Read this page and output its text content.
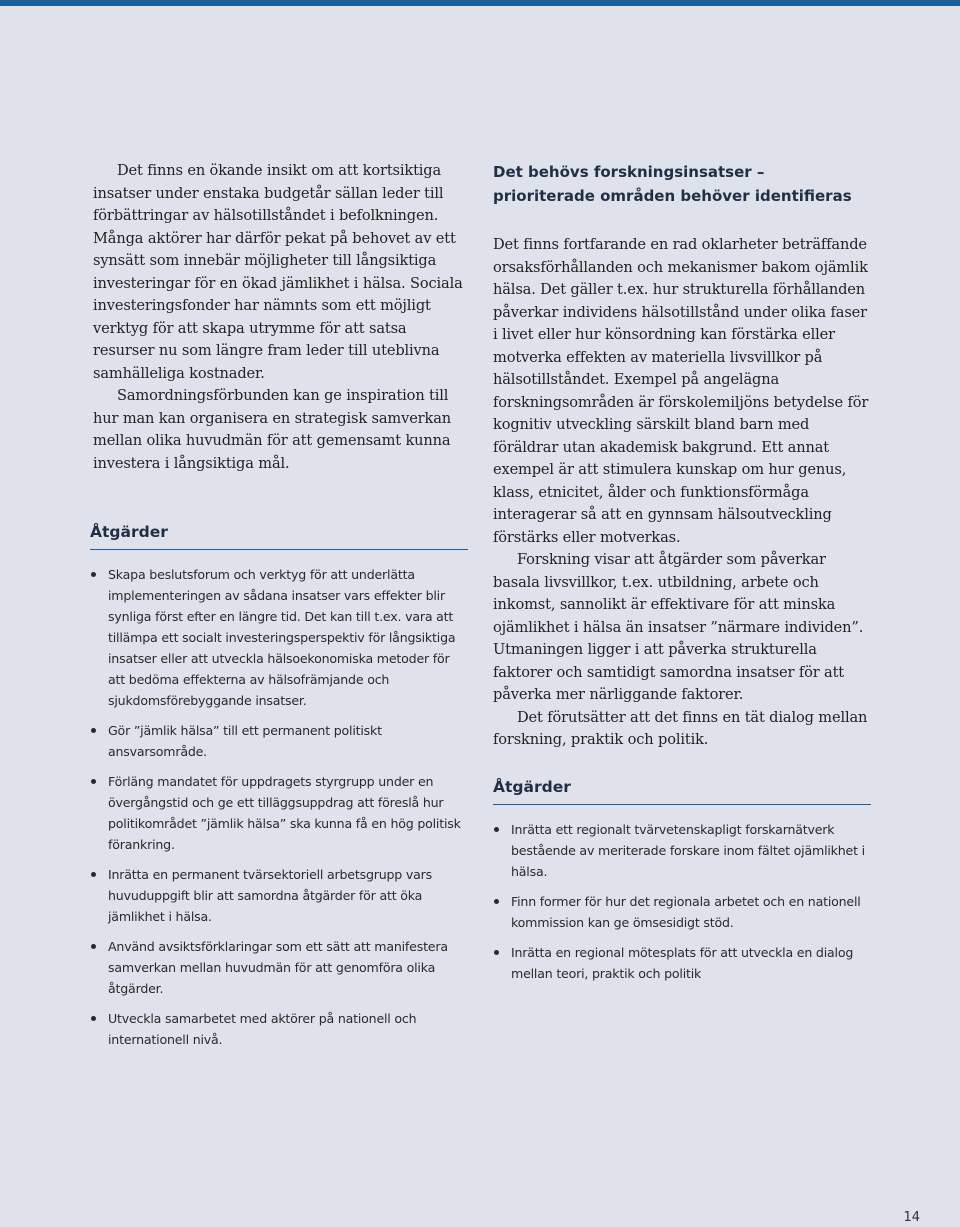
Det finns en ökande insikt om att kortsiktiga insatser under enstaka budgetår sällan leder till förbättringar av hälsotillståndet i befolkningen. Många aktörer har därför pekat på behovet av ett synsätt som innebär möjligheter till långsiktiga investeringar för en ökad jämlikhet i hälsa. Sociala investeringsfonder har nämnts som ett möjligt verktyg för att skapa utrymme för att satsa resurser nu som längre fram leder till uteblivna samhälleliga kostnader.

Samordningsförbunden kan ge inspiration till hur man kan organisera en strategisk samverkan mellan olika huvudmän för att gemensamt kunna investera i långsiktiga mål.

Åtgärder
Skapa beslutsforum och verktyg för att underlätta implementeringen av sådana insatser vars effekter blir synliga först efter en längre tid. Det kan till t.ex. vara att tillämpa ett socialt investeringsperspektiv för långsiktiga insatser eller att utveckla hälsoekonomiska metoder för att bedöma effekterna av hälsofrämjande och sjukdomsförebyggande insatser.
Gör ”jämlik hälsa” till ett permanent politiskt ansvarsområde.
Förläng mandatet för uppdragets styrgrupp under en övergångstid och ge ett tilläggsuppdrag att föreslå hur politikområdet ”jämlik hälsa” ska kunna få en hög politisk förankring.
Inrätta en permanent tvärsektoriell arbetsgrupp vars huvuduppgift blir att samordna åtgärder för att öka jämlikhet i hälsa.
Använd avsiktsförklaringar som ett sätt att manifestera samverkan mellan huvudmän för att genomföra olika åtgärder.
Utveckla samarbetet med aktörer på nationell och internationell nivå.
Det behövs forskningsinsatser –
prioriterade områden behöver identifieras

Det finns fortfarande en rad oklarheter beträffande orsaksförhållanden och mekanismer bakom ojämlik hälsa. Det gäller t.ex. hur strukturella förhållanden påverkar individens hälsotillstånd under olika faser i livet eller hur könsordning kan förstärka eller motverka effekten av materiella livsvillkor på hälsotillståndet. Exempel på angelägna forskningsområden är förskolemiljöns betydelse för kognitiv utveckling särskilt bland barn med föräldrar utan akademisk bakgrund. Ett annat exempel är att stimulera kunskap om hur genus, klass, etnicitet, ålder och funktionsförmåga interagerar så att en gynnsam hälsoutveckling förstärks eller motverkas.

Forskning visar att åtgärder som påverkar basala livsvillkor, t.ex. utbildning, arbete och inkomst, sannolikt är effektivare för att minska ojämlikhet i hälsa än insatser ”närmare individen”. Utmaningen ligger i att påverka strukturella faktorer och samtidigt samordna insatser för att påverka mer närliggande faktorer.

Det förutsätter att det finns en tät dialog mellan forskning, praktik och politik.

Åtgärder
Inrätta ett regionalt tvärvetenskapligt forskarnätverk bestående av meriterade forskare inom fältet ojämlikhet i hälsa.
Finn former för hur det regionala arbetet och en nationell kommission kan ge ömsesidigt stöd.
Inrätta en regional mötesplats för att utveckla en dialog mellan teori, praktik och politik
14
